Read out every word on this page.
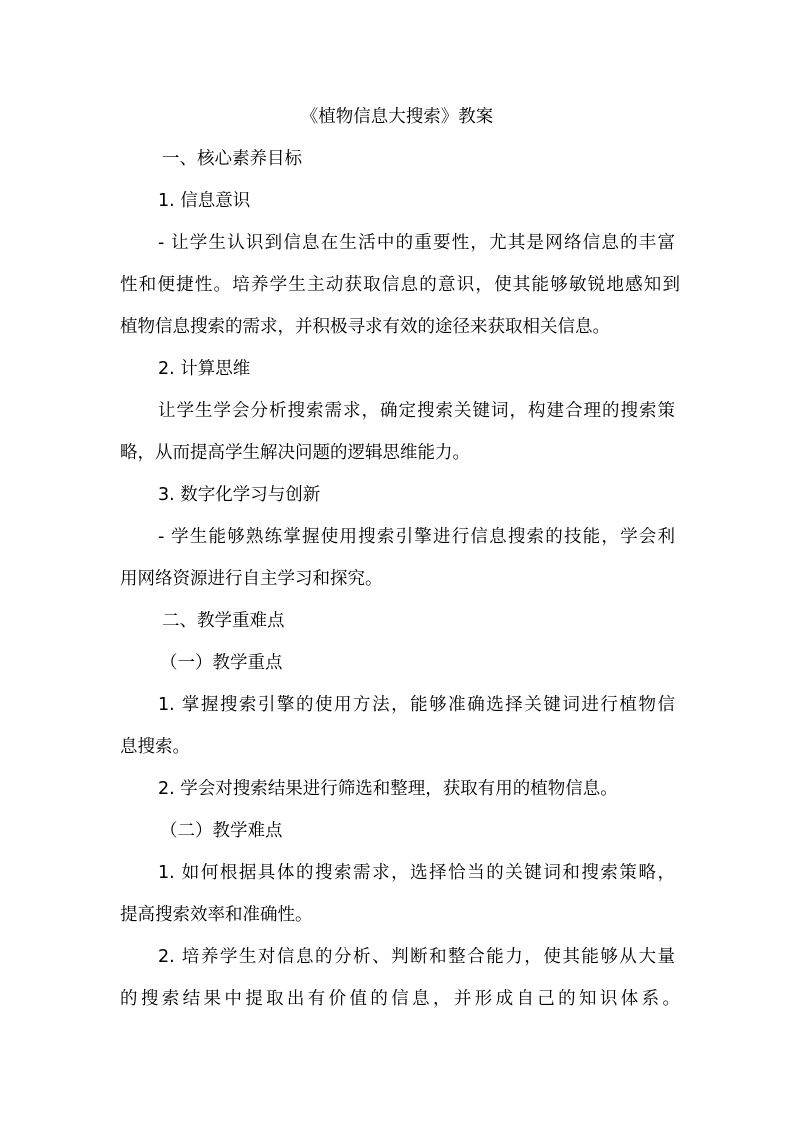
《植物信息大搜索》教案
一、核心素养目标
1. 信息意识
- 让学生认识到信息在生活中的重要性，尤其是网络信息的丰富
性和便捷性。培养学生主动获取信息的意识，使其能够敏锐地感知到
植物信息搜索的需求，并积极寻求有效的途径来获取相关信息。
2. 计算思维
让学生学会分析搜索需求，确定搜索关键词，构建合理的搜索策
略，从而提高学生解决问题的逻辑思维能力。
3. 数字化学习与创新
- 学生能够熟练掌握使用搜索引擎进行信息搜索的技能，学会利
用网络资源进行自主学习和探究。
二、教学重难点
（一）教学重点
1. 掌握搜索引擎的使用方法，能够准确选择关键词进行植物信
息搜索。
2. 学会对搜索结果进行筛选和整理，获取有用的植物信息。
（二）教学难点
1. 如何根据具体的搜索需求，选择恰当的关键词和搜索策略，
提高搜索效率和准确性。
2. 培养学生对信息的分析、判断和整合能力，使其能够从大量
的搜索结果中提取出有价值的信息，并形成自己的知识体系。
